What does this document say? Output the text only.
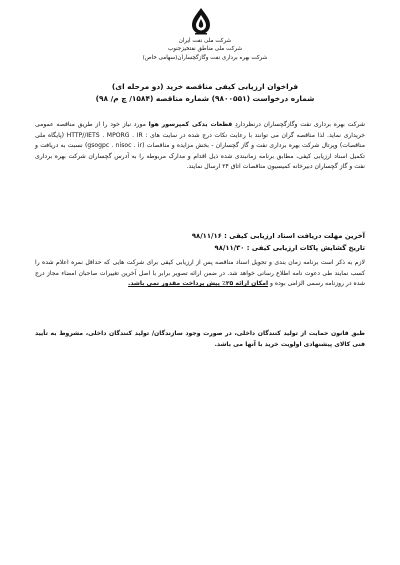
شرکت ملی نفت ایران
شرکت ملی مناطق نفتخیزجنوب
شرکت بهره برداری نفت وگازگچساران(سهامی خاص)
فراخوان ارزیابی کیفی مناقصه خرید (دو مرحله ای)
شماره درخواست (۹۸۰۰۵۵۱) شماره مناقصه (۱۵۸۴/ چ م/ ۹۸)
شرکت بهره برداری نفت وگازگچساران درنظرداردِ قطعات یدکی کمپرسور هوا مورد نیاز خود را از طریق مناقصه عمومی خریداری نماید. لذا مناقصه گران می توانند با رعایت نکات درج شده در سایت های : HTTP//IETS . MPORG . IR (پایگاه ملی مناقصات) وپرتال شرکت بهره برداری نفت و گاز گچساران - بخش مزایده و مناقصات (gsogpc . nisoc . ir) نسبت به دریافت و تکمیل اسناد ارزیابی کیفی، مطابق برنامه زمانبندی شده ذیل اقدام و مدارک مربوطه را به آدرس گچساران شرکت بهره برداری نفت و گاز گچساران دبیرخانه کمیسیون مناقصات اتاق ۲۴ ارسال نمایند.
آخرین مهلت دریافت اسناد ارزیابی کیفی : ۹۸/۱۱/۱۶
تاریخ گشایش پاکات ارزیابی کیفی : ۹۸/۱۱/۳۰
لازم به ذکر است برنامه زمان بندی و تحویل اسناد مناقصه پس از ارزیابی کیفی برای شرکت هایی که حداقل نمره اعلام شده را کسب نمایند طی دعوت نامه اطلاع رسانی خواهد شد. در ضمن ارائه تصویر برابر با اصل آخرین تغییرات صاحبان امضاء مجاز درج شده در روزنامه رسمی الزامی بوده و امکان ارائه ۲۵٪ پیش پرداخت مقدور نمی باشد.
طبق قانون حمایت از تولید کنندگان داخلی، در صورت وجود سازندگان/ تولید کنندگان داخلی، مشروط به تأیید فنی کالای پیشنهادی اولویت خرید با آنها می باشد.
